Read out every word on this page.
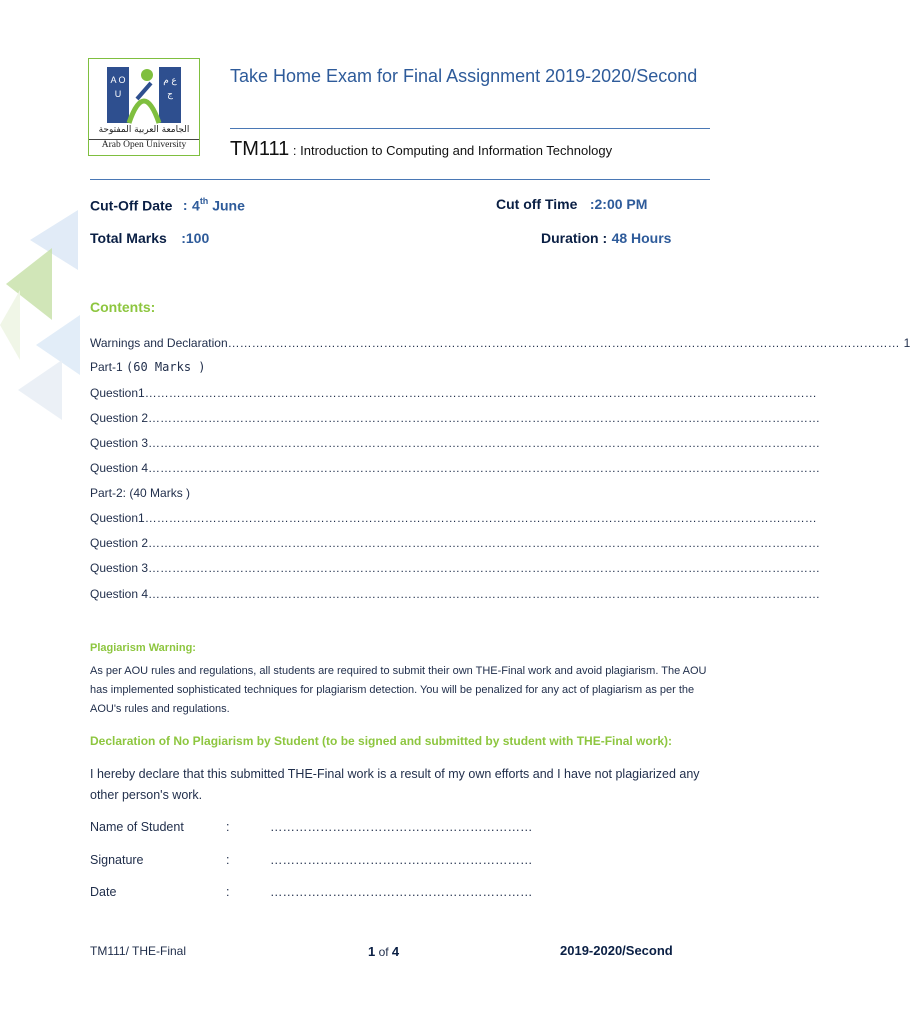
A O U
ع م ج
الجامعة العربية المفتوحة
Arab Open University
Take Home Exam for Final Assignment 2019-2020/Second
TM111 : Introduction to Computing and Information Technology
Cut-Off Date : 4th June	Cut off Time :2:00 PM
Total Marks :100	Duration : 48 Hours
Contents:
Warnings and Declaration …………………………………………………………………………………………………………………………………………………… 1
Part-1 (60 Marks )
Question1 ……………………………………………………………………………………………………………………………………………………
Question 2 ……………………………………………………………………………………………………………………………………………………
Question 3 ……………………………………………………………………………………………………………………………………………………
Question 4 ……………………………………………………………………………………………………………………………………………………
Part-2: (40 Marks )
Question1 ……………………………………………………………………………………………………………………………………………………
Question 2 ……………………………………………………………………………………………………………………………………………………
Question 3 ……………………………………………………………………………………………………………………………………………………
Question 4 ……………………………………………………………………………………………………………………………………………………
Plagiarism Warning:
As per AOU rules and regulations, all students are required to submit their own THE-Final work and avoid plagiarism. The AOU has implemented sophisticated techniques for plagiarism detection. You will be penalized for any act of plagiarism as per the AOU's rules and regulations.
Declaration of No Plagiarism by Student (to be signed and submitted by student with THE-Final work):
I hereby declare that this submitted THE-Final work is a result of my own efforts and I have not plagiarized any other person's work.
Name of Student	:	………………………………………………………
Signature	:	………………………………………………………
Date	:	………………………………………………………
TM111/ THE-Final	1 of 4	2019-2020/Second
